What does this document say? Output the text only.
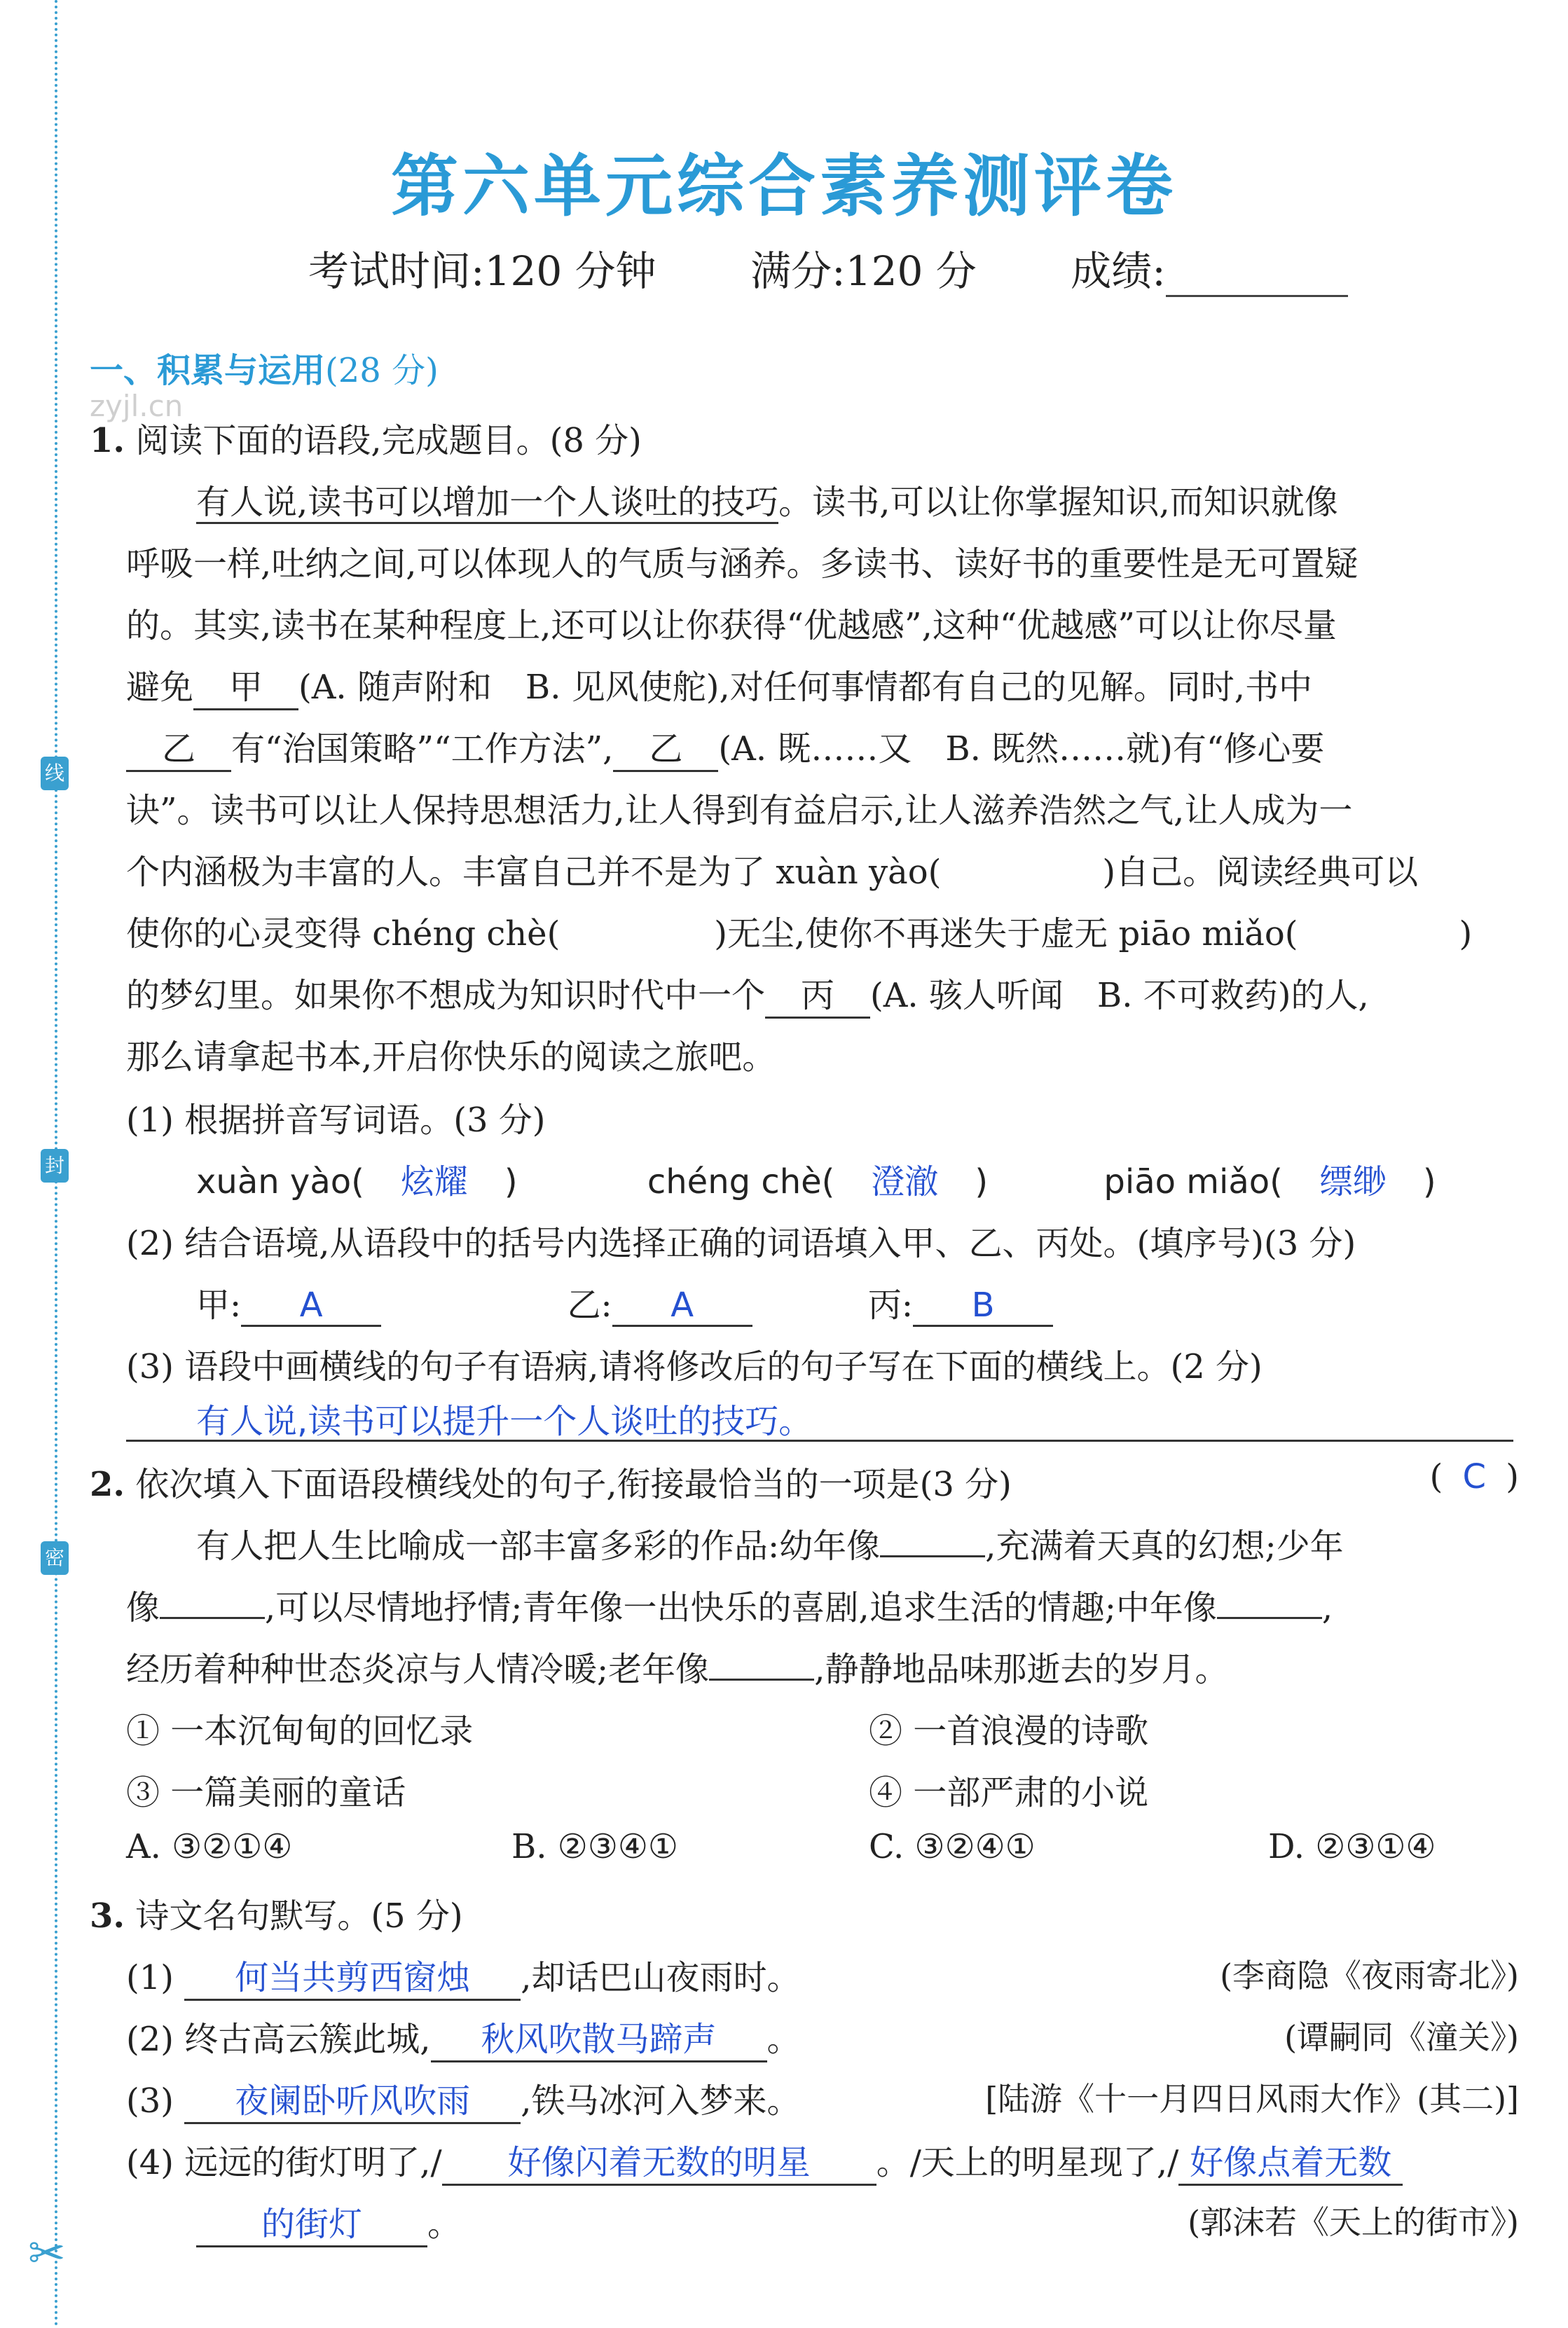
线
封
密
✂
第六单元综合素养测评卷
考试时间:120 分钟　　 满分:120 分　　 成绩:
一、积累与运用(28 分)
zyjl.cn
1. 阅读下面的语段,完成题目。(8 分)
有人说,读书可以增加一个人谈吐的技巧。读书,可以让你掌握知识,而知识就像
呼吸一样,吐纳之间,可以体现人的气质与涵养。多读书、读好书的重要性是无可置疑
的。其实,读书在某种程度上,还可以让你获得“优越感”,这种“优越感”可以让你尽量
避免 甲 (A. 随声附和　B. 见风使舵),对任何事情都有自己的见解。同时,书中
乙 有“治国策略”“工作方法”, 乙 (A. 既……又　B. 既然……就)有“修心要
诀”。读书可以让人保持思想活力,让人得到有益启示,让人滋养浩然之气,让人成为一
个内涵极为丰富的人。丰富自己并不是为了 xuàn yào(	)自己。阅读经典可以
使你的心灵变得 chéng chè(	)无尘,使你不再迷失于虚无 piāo miǎo(	)
的梦幻里。如果你不想成为知识时代中一个 丙 (A. 骇人听闻　B. 不可救药)的人,
那么请拿起书本,开启你快乐的阅读之旅吧。
(1) 根据拼音写词语。(3 分)
xuàn yào( 炫耀 )	chéng chè( 澄澈 )	piāo miǎo( 缥缈 )
(2) 结合语境,从语段中的括号内选择正确的词语填入甲、乙、丙处。(填序号)(3 分)
甲: A	乙: A	丙: B
(3) 语段中画横线的句子有语病,请将修改后的句子写在下面的横线上。(2 分)
有人说,读书可以提升一个人谈吐的技巧。
2. 依次填入下面语段横线处的句子,衔接最恰当的一项是(3 分)	( C )
有人把人生比喻成一部丰富多彩的作品:幼年像	,充满着天真的幻想;少年
像	,可以尽情地抒情;青年像一出快乐的喜剧,追求生活的情趣;中年像	,
经历着种种世态炎凉与人情冷暖;老年像	,静静地品味那逝去的岁月。
① 一本沉甸甸的回忆录	② 一首浪漫的诗歌
③ 一篇美丽的童话	④ 一部严肃的小说
A. ③②①④	B. ②③④①	C. ③②④①	D. ②③①④
3. 诗文名句默写。(5 分)
(1) 何当共剪西窗烛 ,却话巴山夜雨时。	(李商隐《夜雨寄北》)
(2) 终古高云簇此城, 秋风吹散马蹄声 。	(谭嗣同《潼关》)
(3) 夜阑卧听风吹雨 ,铁马冰河入梦来。	[陆游《十一月四日风雨大作》(其二)]
(4) 远远的街灯明了,/ 好像闪着无数的明星 。/天上的明星现了,/ 好像点着无数
的街灯 。	(郭沫若《天上的街市》)
